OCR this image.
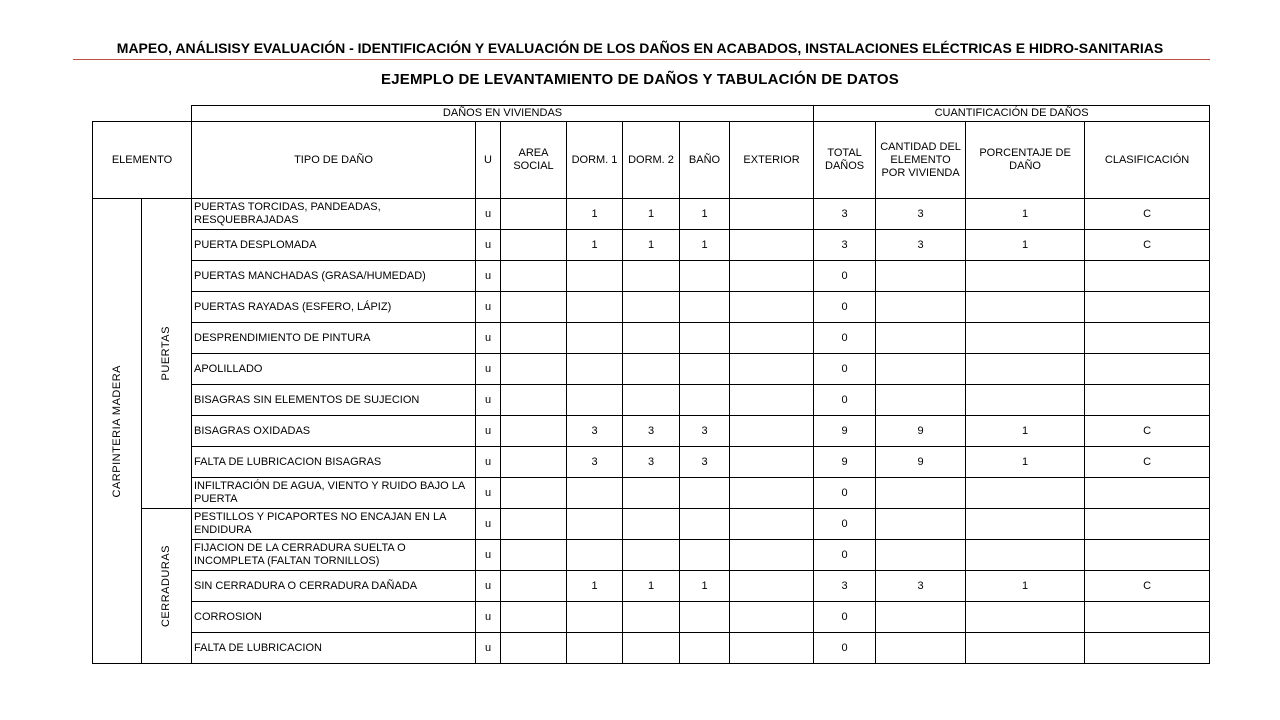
MAPEO, ANÁLISISY EVALUACIÓN - IDENTIFICACIÓN Y EVALUACIÓN DE LOS DAÑOS EN ACABADOS, INSTALACIONES ELÉCTRICAS E HIDRO-SANITARIAS
EJEMPLO DE LEVANTAMIENTO DE DAÑOS Y TABULACIÓN DE DATOS
		DAÑOS EN VIVIENDAS							CUANTIFICACIÓN DE DAÑOS			
ELEMENTO		TIPO DE DAÑO	U	AREA SOCIAL	DORM. 1	DORM. 2	BAÑO	EXTERIOR	TOTAL DAÑOS	CANTIDAD DEL ELEMENTO POR VIVIENDA	PORCENTAJE DE DAÑO	CLASIFICACIÓN

CARPINTERIA MADERA	PUERTAS	PUERTAS TORCIDAS, PANDEADAS, RESQUEBRAJADAS	u		1	1	1		3	3	1	C
		PUERTA DESPLOMADA	u		1	1	1		3	3	1	C
		PUERTAS MANCHADAS (GRASA/HUMEDAD)	u						0			
		PUERTAS RAYADAS (ESFERO, LÁPIZ)	u						0			
		DESPRENDIMIENTO DE PINTURA	u						0			
		APOLILLADO	u						0			
		BISAGRAS SIN ELEMENTOS DE SUJECION	u						0			
		BISAGRAS OXIDADAS	u		3	3	3		9	9	1	C
		FALTA DE LUBRICACION BISAGRAS	u		3	3	3		9	9	1	C
		INFILTRACIÓN DE AGUA, VIENTO Y RUIDO BAJO LA PUERTA	u						0			

	CERRADURAS	PESTILLOS Y PICAPORTES NO ENCAJAN EN LA ENDIDURA	u						0			
		FIJACION DE LA CERRADURA SUELTA O INCOMPLETA (FALTAN TORNILLOS)	u						0			
		SIN CERRADURA O CERRADURA DAÑADA	u		1	1	1		3	3	1	C
		CORROSION	u						0			
		FALTA DE LUBRICACION	u						0			
